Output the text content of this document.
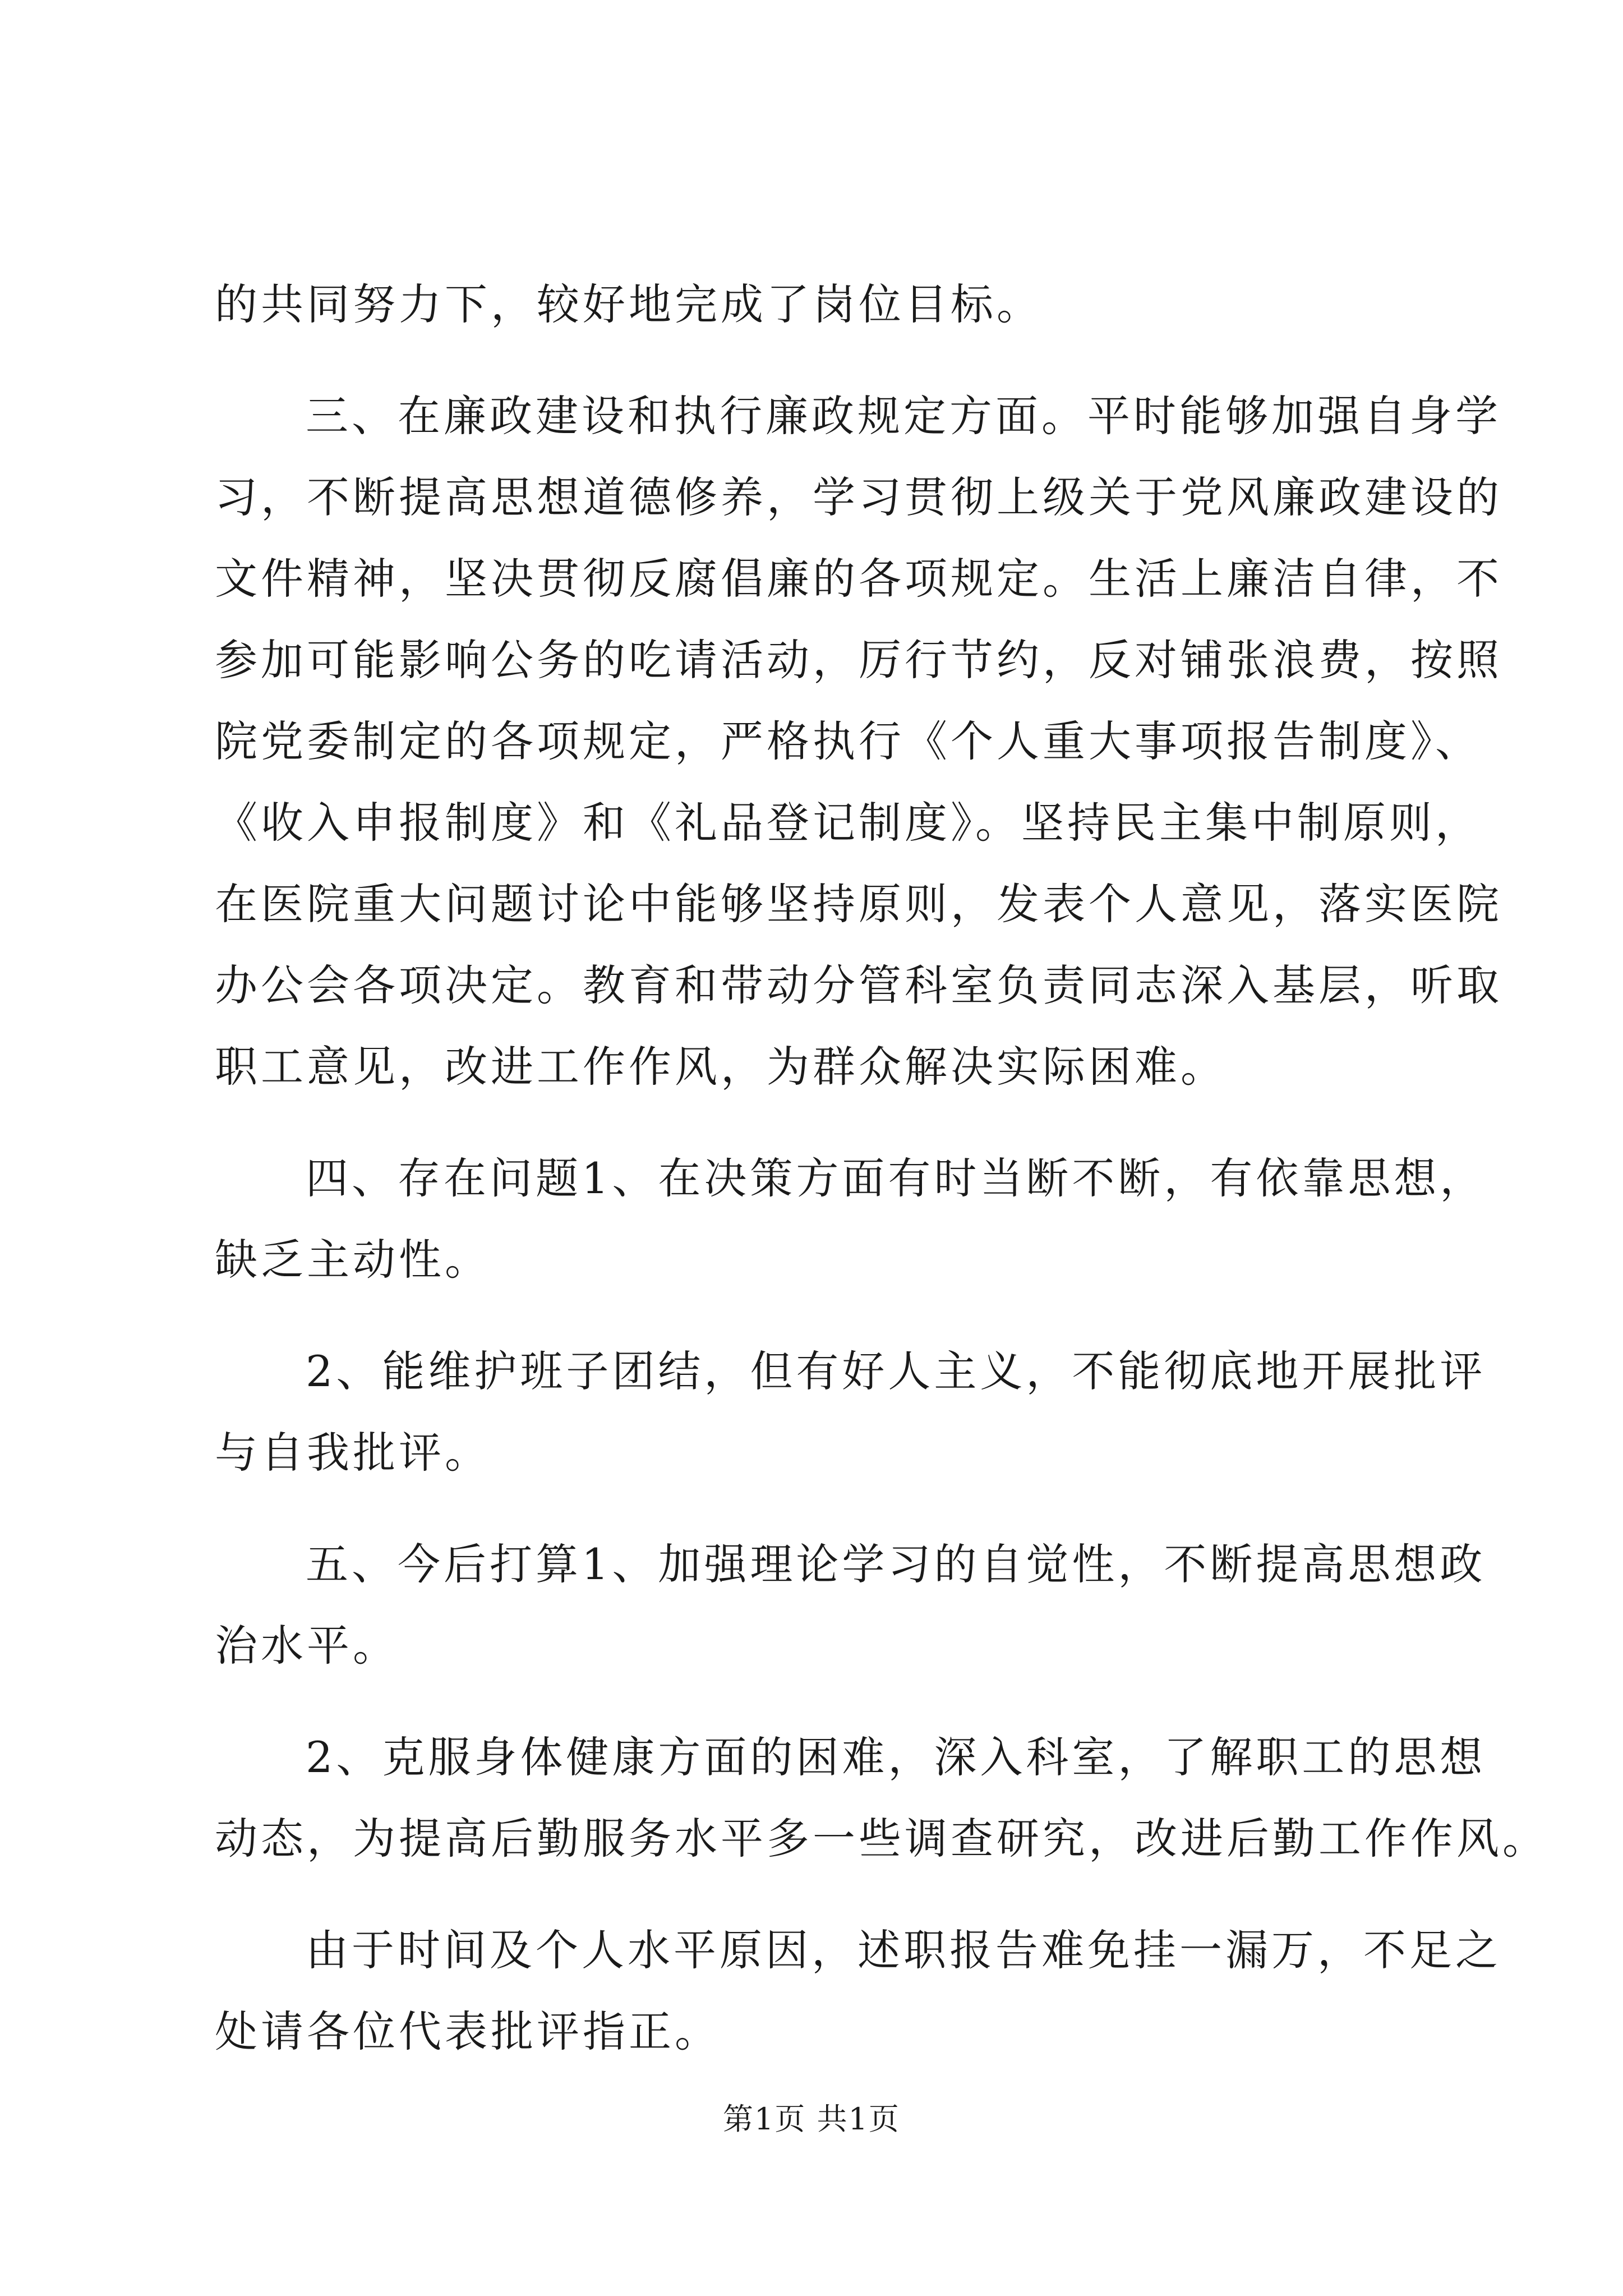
的共同努力下，较好地完成了岗位目标。
三、在廉政建设和执行廉政规定方面。平时能够加强自身学
习，不断提高思想道德修养，学习贯彻上级关于党风廉政建设的
文件精神，坚决贯彻反腐倡廉的各项规定。生活上廉洁自律，不
参加可能影响公务的吃请活动，厉行节约，反对铺张浪费，按照
院党委制定的各项规定，严格执行《个人重大事项报告制度》、
《收入申报制度》和《礼品登记制度》。坚持民主集中制原则，
在医院重大问题讨论中能够坚持原则，发表个人意见，落实医院
办公会各项决定。教育和带动分管科室负责同志深入基层，听取
职工意见，改进工作作风，为群众解决实际困难。
四、存在问题1、在决策方面有时当断不断，有依靠思想，
缺乏主动性。
2、能维护班子团结，但有好人主义，不能彻底地开展批评
与自我批评。
五、今后打算1、加强理论学习的自觉性，不断提高思想政
治水平。
2、克服身体健康方面的困难，深入科室，了解职工的思想
动态，为提高后勤服务水平多一些调查研究，改进后勤工作作风。
由于时间及个人水平原因，述职报告难免挂一漏万，不足之
处请各位代表批评指正。
第1页 共1页
